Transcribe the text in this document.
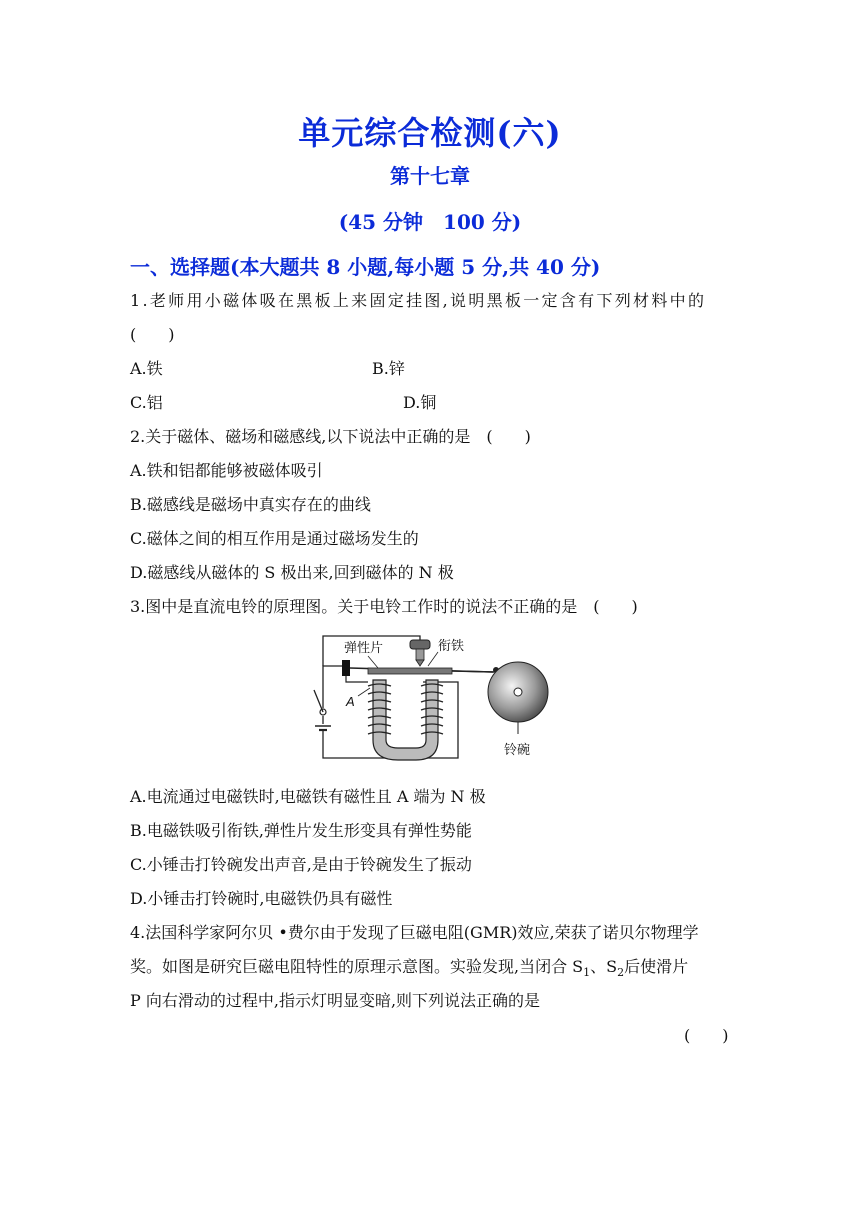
单元综合检测(六)
第十七章
(45 分钟 100 分)
一、选择题(本大题共 8 小题,每小题 5 分,共 40 分)
1.老师用小磁体吸在黑板上来固定挂图,说明黑板一定含有下列材料中的
(  )
A.铁	B.锌
C.铝	D.铜
2.关于磁体、磁场和磁感线,以下说法中正确的是 (  )
A.铁和铝都能够被磁体吸引
B.磁感线是磁场中真实存在的曲线
C.磁体之间的相互作用是通过磁场发生的
D.磁感线从磁体的 S 极出来,回到磁体的 N 极
3.图中是直流电铃的原理图。关于电铃工作时的说法不正确的是 (  )
弹性片	衔铁
铃碗
A
A.电流通过电磁铁时,电磁铁有磁性且 A 端为 N 极
B.电磁铁吸引衔铁,弹性片发生形变具有弹性势能
C.小锤击打铃碗发出声音,是由于铃碗发生了振动
D.小锤击打铃碗时,电磁铁仍具有磁性
4.法国科学家阿尔贝 •费尔由于发现了巨磁电阻(GMR)效应,荣获了诺贝尔物理学
奖。如图是研究巨磁电阻特性的原理示意图。实验发现,当闭合 $S_1$、$S_2$后使滑片
P 向右滑动的过程中,指示灯明显变暗,则下列说法正确的是
(  )
